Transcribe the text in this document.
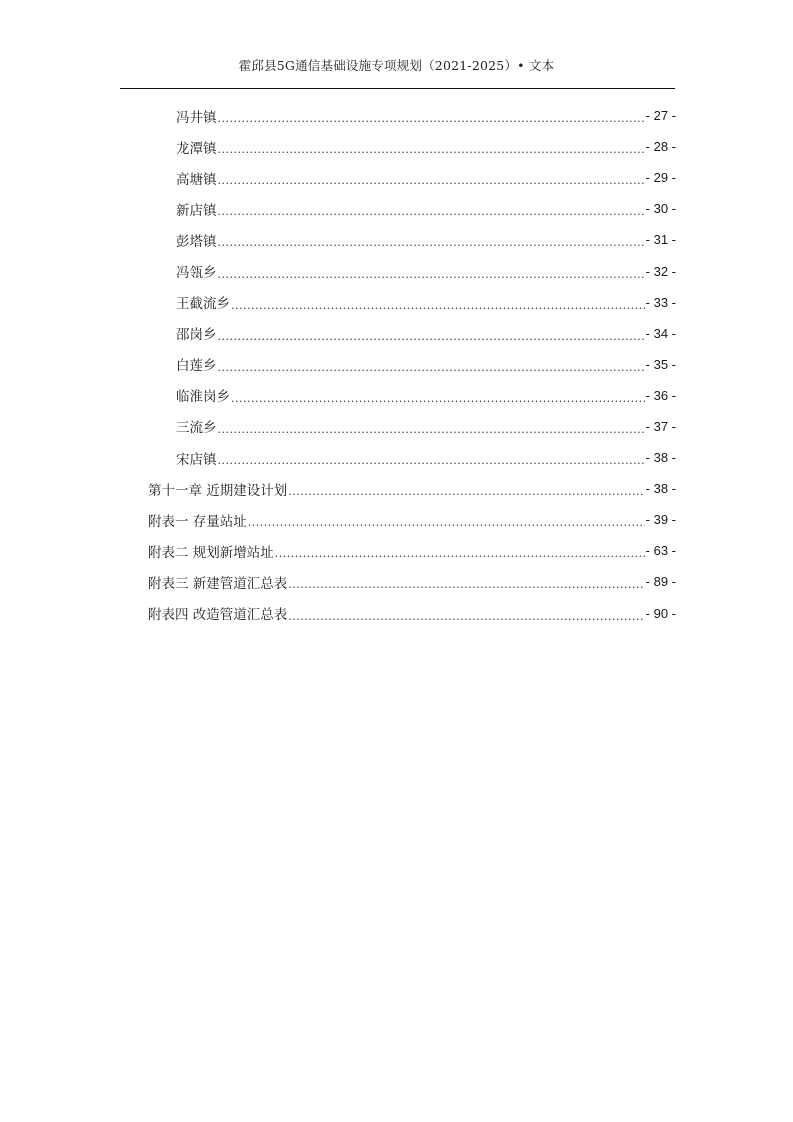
霍邱县5G通信基础设施专项规划（2021-2025）• 文本
冯井镇 .....	- 27 -
龙潭镇 .....	- 28 -
高塘镇 .....	- 29 -
新店镇 .....	- 30 -
彭塔镇 .....	- 31 -
冯瓴乡 .....	- 32 -
王截流乡 .....	- 33 -
邵岗乡 .....	- 34 -
白莲乡 .....	- 35 -
临淮岗乡 .....	- 36 -
三流乡 .....	- 37 -
宋店镇 .....	- 38 -
第十一章 近期建设计划 .....	- 38 -
附表一 存量站址 .....	- 39 -
附表二 规划新增站址 .....	- 63 -
附表三 新建管道汇总表 .....	- 89 -
附表四 改造管道汇总表 .....	- 90 -
